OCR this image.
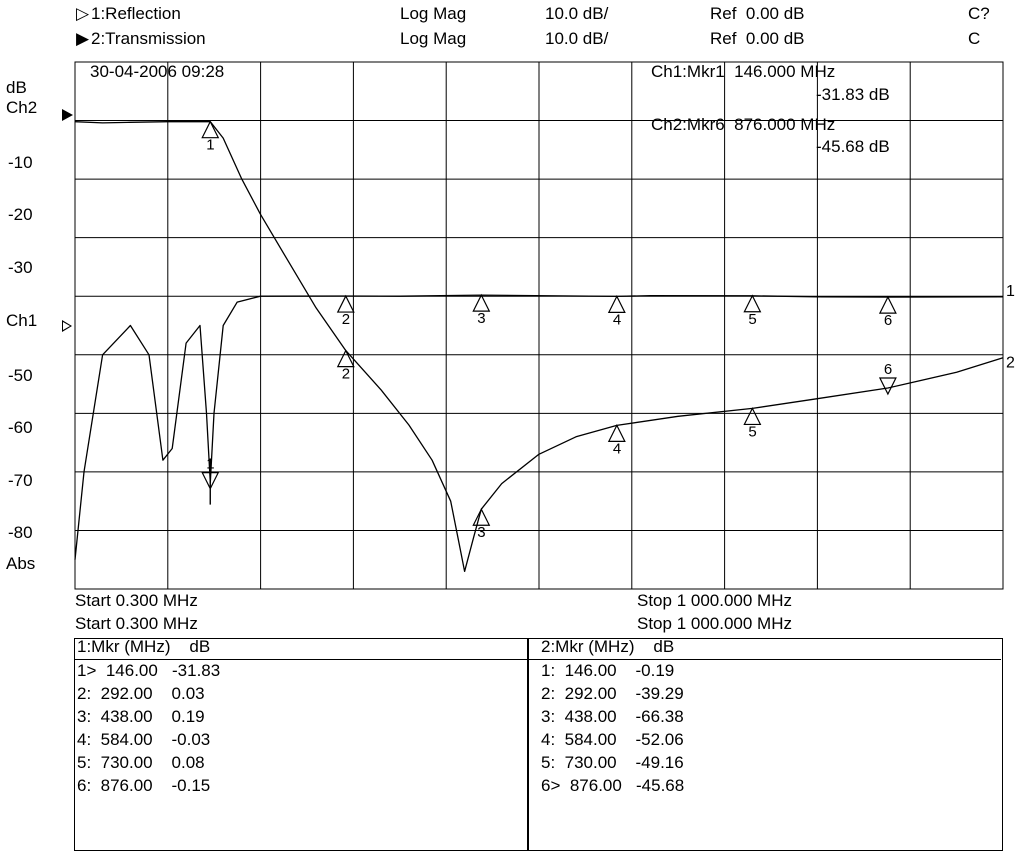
▷ 1:Reflection	Log Mag	10.0 dB/	Ref  0.00 dB	C?
▶ 2:Transmission	Log Mag	10.0 dB/	Ref  0.00 dB	C
1
2
1
2	3	4	5	6
1
2
3
4
5
6
30-04-2006 09:28	Ch1:Mkr1  146.000 MHz
-31.83 dB
Ch2:Mkr6  876.000 MHz
-45.68 dB
dB
Ch2
-10
-20
-30
Ch1
-50
-60
-70
-80
Abs
Start 0.300 MHz
Start 0.300 MHz
Stop 1 000.000 MHz
Stop 1 000.000 MHz
1:Mkr (MHz)    dB
1>  146.00   -31.83
2:  292.00    0.03
3:  438.00    0.19
4:  584.00    -0.03
5:  730.00    0.08
6:  876.00    -0.15
2:Mkr (MHz)    dB
1:  146.00    -0.19
2:  292.00    -39.29
3:  438.00    -66.38
4:  584.00    -52.06
5:  730.00    -49.16
6>  876.00   -45.68
